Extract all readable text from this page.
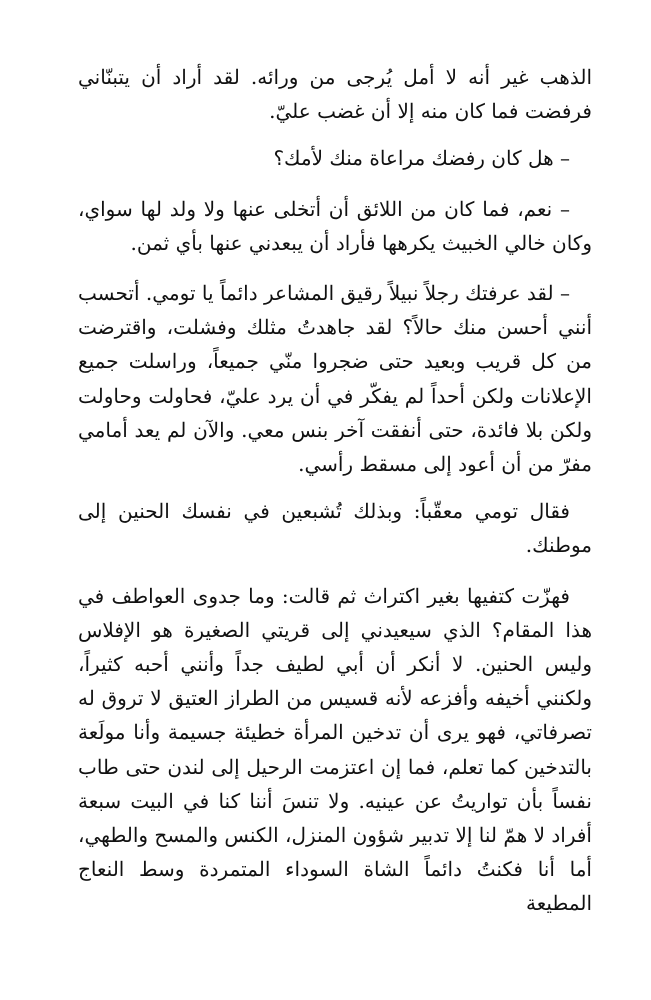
الذهب غير أنه لا أمل يُرجى من ورائه. لقد أراد أن يتبنّاني فرفضت فما كان منه إلا أن غضب عليّ.

– هل كان رفضك مراعاة منك لأمك؟

– نعم، فما كان من اللائق أن أتخلى عنها ولا ولد لها سواي، وكان خالي الخبيث يكرهها فأراد أن يبعدني عنها بأي ثمن.

– لقد عرفتك رجلاً نبيلاً رقيق المشاعر دائماً يا تومي. أتحسب أنني أحسن منك حالاً؟ لقد جاهدتُ مثلك وفشلت، واقترضت من كل قريب وبعيد حتى ضجروا منّي جميعاً، وراسلت جميع الإعلانات ولكن أحداً لم يفكّر في أن يرد عليّ، فحاولت وحاولت ولكن بلا فائدة، حتى أنفقت آخر بنس معي. والآن لم يعد أمامي مفرّ من أن أعود إلى مسقط رأسي.

فقال تومي معقّباً: وبذلك تُشبعين في نفسك الحنين إلى موطنك.

فهزّت كتفيها بغير اكتراث ثم قالت: وما جدوى العواطف في هذا المقام؟ الذي سيعيدني إلى قريتي الصغيرة هو الإفلاس وليس الحنين. لا أنكر أن أبي لطيف جداً وأنني أحبه كثيراً، ولكنني أخيفه وأفزعه لأنه قسيس من الطراز العتيق لا تروق له تصرفاتي، فهو يرى أن تدخين المرأة خطيئة جسيمة وأنا مولَعة بالتدخين كما تعلم، فما إن اعتزمت الرحيل إلى لندن حتى طاب نفساً بأن تواريتُ عن عينيه. ولا تنسَ أننا كنا في البيت سبعة أفراد لا همّ لنا إلا تدبير شؤون المنزل، الكنس والمسح والطهي، أما أنا فكنتُ دائماً الشاة السوداء المتمردة وسط النعاج المطيعة
